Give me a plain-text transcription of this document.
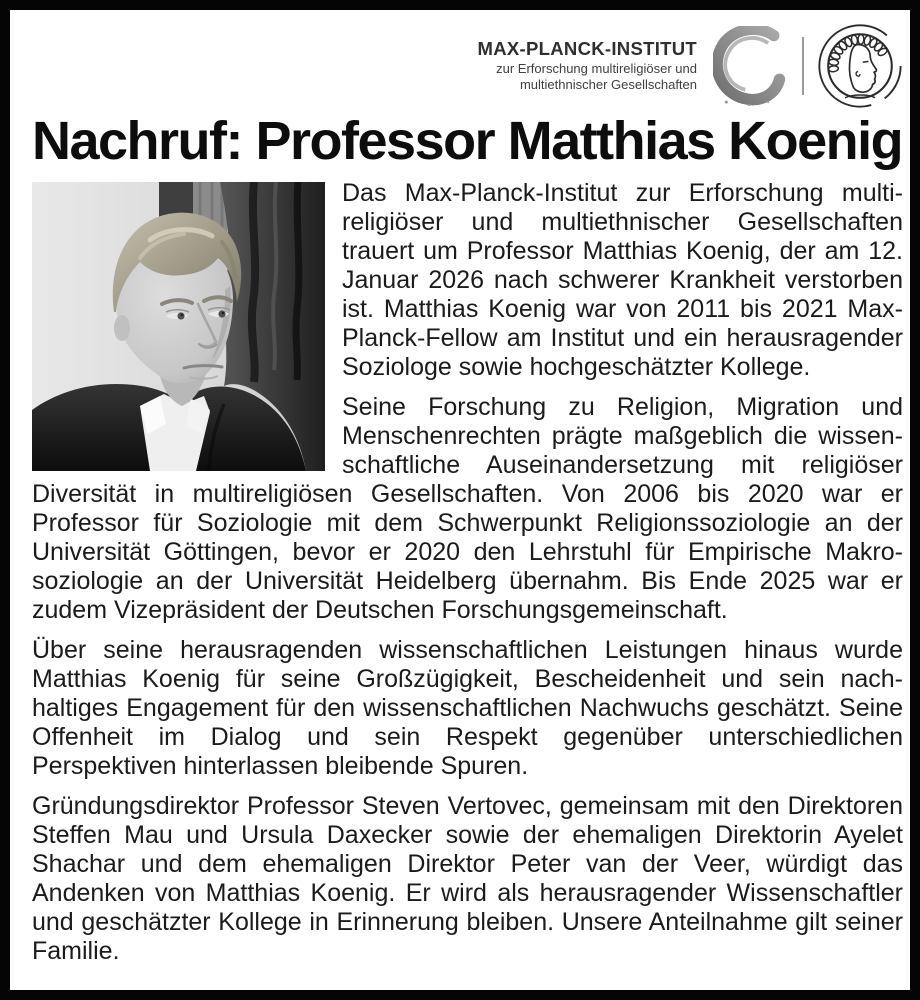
MAX-PLANCK-INSTITUT
zur Erforschung multireligiöser und
multiethnischer Gesellschaften
Nachruf: Professor Matthias Koenig

Das Max-Planck-Institut zur Erforschung multireligiöser und multiethnischer Gesellschaften trauert um Professor Matthias Koenig, der am 12. Januar 2026 nach schwerer Krankheit verstorben ist. Matthias Koenig war von 2011 bis 2021 Max-Planck-Fellow am Institut und ein herausragender Soziologe sowie hochgeschätzter Kollege.

Seine Forschung zu Religion, Migration und Menschenrechten prägte maßgeblich die wissenschaftliche Auseinandersetzung mit religiöser Diversität in multireligiösen Gesellschaften. Von 2006 bis 2020 war er Professor für Soziologie mit dem Schwerpunkt Religionssoziologie an der Universität Göttingen, bevor er 2020 den Lehrstuhl für Empirische Makrosoziologie an der Universität Heidelberg übernahm. Bis Ende 2025 war er zudem Vizepräsident der Deutschen Forschungsgemeinschaft.

Über seine herausragenden wissenschaftlichen Leistungen hinaus wurde Matthias Koenig für seine Großzügigkeit, Bescheidenheit und sein nachhaltiges Engagement für den wissenschaftlichen Nachwuchs geschätzt. Seine Offenheit im Dialog und sein Respekt gegenüber unterschiedlichen Perspektiven hinterlassen bleibende Spuren.

Gründungsdirektor Professor Steven Vertovec, gemeinsam mit den Direktoren Steffen Mau und Ursula Daxecker sowie der ehemaligen Direktorin Ayelet Shachar und dem ehemaligen Direktor Peter van der Veer, würdigt das Andenken von Matthias Koenig. Er wird als herausragender Wissenschaftler und geschätzter Kollege in Erinnerung bleiben. Unsere Anteilnahme gilt seiner Familie.
